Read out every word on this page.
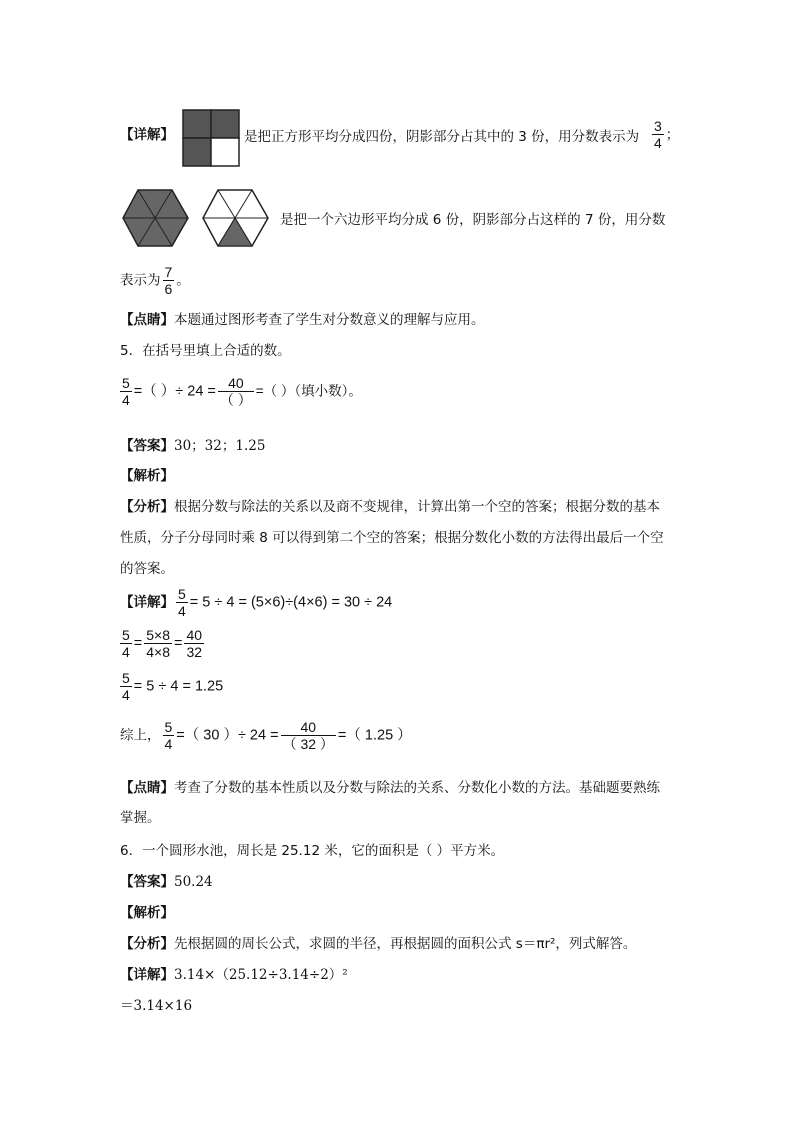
【详解】	是把正方形平均分成四份，阴影部分占其中的 3 份，用分数表示为 $\frac{3}{4}$ ；
是把一个六边形平均分成 6 份，阴影部分占这样的 7 份，用分数
表示为 $\frac{7}{6}$ 。
【点睛】本题通过图形考查了学生对分数意义的理解与应用。
5．在括号里填上合适的数。
$\frac{5}{4}$ =（ ）÷ $24 = \frac{40}{( )}$ =（ ）（填小数）。
【答案】30；32；1.25
【解析】
【分析】根据分数与除法的关系以及商不变规律，计算出第一个空的答案；根据分数的基本
性质，分子分母同时乘 8 可以得到第二个空的答案；根据分数化小数的方法得出最后一个空
的答案。
【详解】 $\frac{5}{4} = 5 \div 4 = (5\times 6)\div(4\times 6) = 30 \div 24$
$\frac{5}{4} = \frac{5\times 8}{4\times 8} = \frac{40}{32}$
$\frac{5}{4} = 5 \div 4 = 1.25$
综上， $\frac{5}{4}$ =（ 30 ）÷ $24 = \frac{40}{( 32 )}$ =（ 1.25 ）
【点睛】考查了分数的基本性质以及分数与除法的关系、分数化小数的方法。基础题要熟练
掌握。
6．一个圆形水池，周长是 25.12 米，它的面积是（ ）平方米。
【答案】50.24
【解析】
【分析】先根据圆的周长公式，求圆的半径，再根据圆的面积公式 s＝πr²，列式解答。
【详解】3.14×（25.12÷3.14÷2）²
＝3.14×16
